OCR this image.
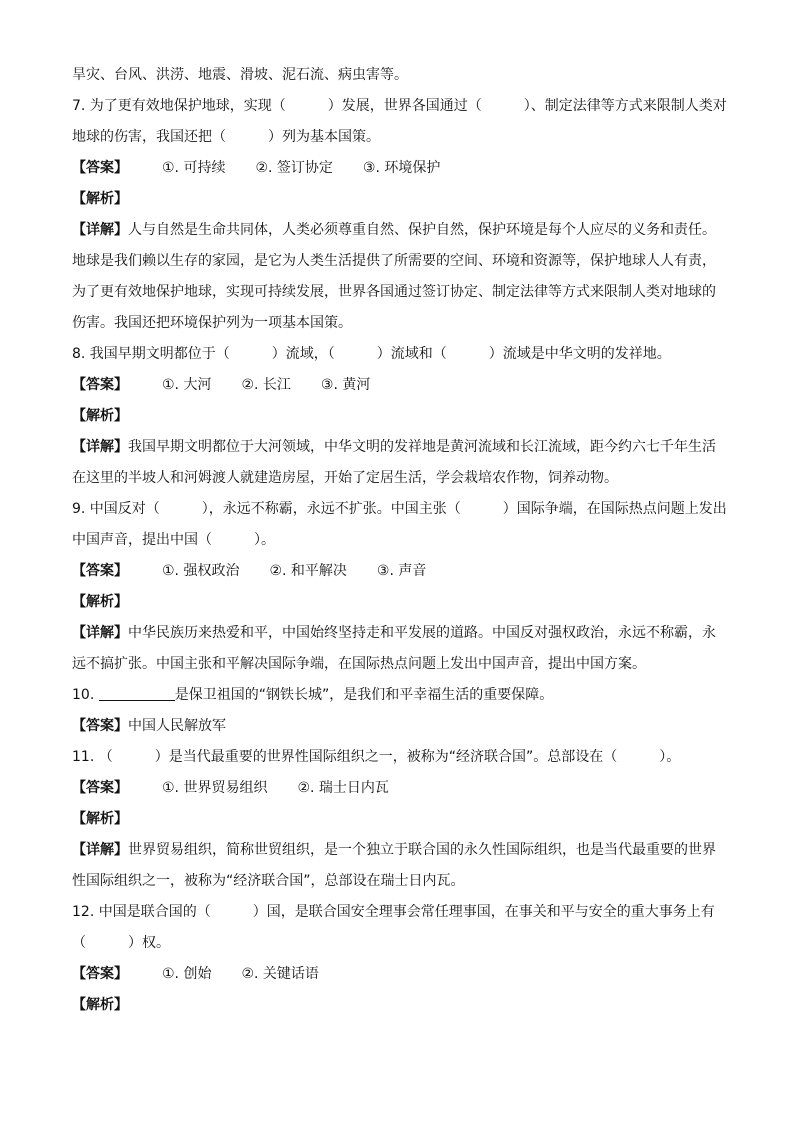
旱灾、台风、洪涝、地震、滑坡、泥石流、病虫害等。
7. 为了更有效地保护地球，实现（　　　）发展，世界各国通过（　　　）、制定法律等方式来限制人类对
地球的伤害，我国还把（　　　）列为基本国策。
【答案】 ①. 可持续 ②. 签订协定 ③. 环境保护
【解析】
【详解】人与自然是生命共同体，人类必须尊重自然、保护自然，保护环境是每个人应尽的义务和责任。
地球是我们赖以生存的家园，是它为人类生活提供了所需要的空间、环境和资源等，保护地球人人有责，
为了更有效地保护地球，实现可持续发展，世界各国通过签订协定、制定法律等方式来限制人类对地球的
伤害。我国还把环境保护列为一项基本国策。
8. 我国早期文明都位于（　　　）流域，（　　　）流域和（　　　）流域是中华文明的发祥地。
【答案】 ①. 大河 ②. 长江 ③. 黄河
【解析】
【详解】我国早期文明都位于大河领域，中华文明的发祥地是黄河流域和长江流域，距今约六七千年生活
在这里的半坡人和河姆渡人就建造房屋，开始了定居生活，学会栽培农作物，饲养动物。
9. 中国反对（　　　），永远不称霸，永远不扩张。中国主张（　　　）国际争端，在国际热点问题上发出
中国声音，提出中国（　　　）。
【答案】 ①. 强权政治 ②. 和平解决 ③. 声音
【解析】
【详解】中华民族历来热爱和平，中国始终坚持走和平发展的道路。中国反对强权政治，永远不称霸，永
远不搞扩张。中国主张和平解决国际争端，在国际热点问题上发出中国声音，提出中国方案。
10.	是保卫祖国的“钢铁长城”，是我们和平幸福生活的重要保障。
【答案】中国人民解放军
11. （　　　）是当代最重要的世界性国际组织之一，被称为“经济联合国”。总部设在（　　　）。
【答案】 ①. 世界贸易组织 ②. 瑞士日内瓦
【解析】
【详解】世界贸易组织，简称世贸组织，是一个独立于联合国的永久性国际组织，也是当代最重要的世界
性国际组织之一，被称为“经济联合国”，总部设在瑞士日内瓦。
12. 中国是联合国的（　　　）国，是联合国安全理事会常任理事国，在事关和平与安全的重大事务上有
（　　　）权。
【答案】 ①. 创始 ②. 关键话语
【解析】
